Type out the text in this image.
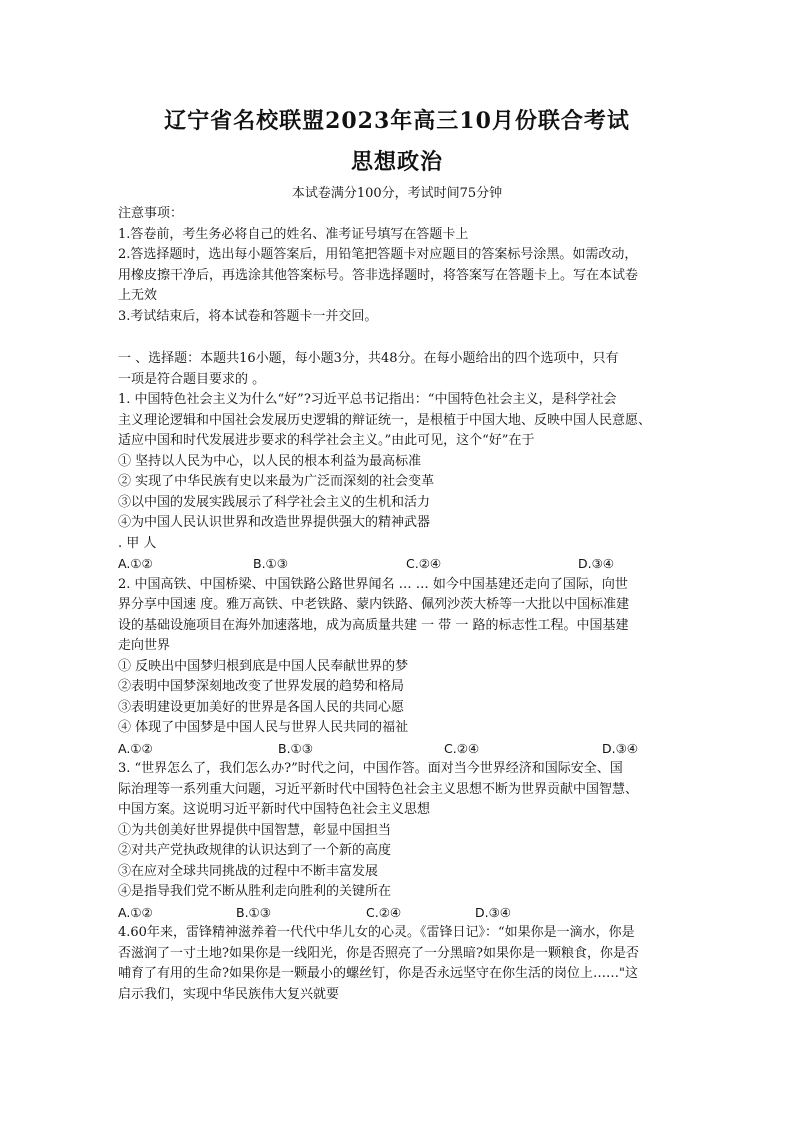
辽宁省名校联盟2023年高三10月份联合考试
思想政治
本试卷满分100分，考试时间75分钟

注意事项：

1.答卷前，考生务必将自己的姓名、准考证号填写在答题卡上

2.答选择题时，选出每小题答案后，用铅笔把答题卡对应题目的答案标号涂黑。如需改动，

用橡皮擦干净后，再选涂其他答案标号。答非选择题时，将答案写在答题卡上。写在本试卷

上无效

3.考试结束后，将本试卷和答题卡一并交回。

一 、选择题：本题共16小题，每小题3分，共48分。在每小题给出的四个选项中，只有

一项是符合题目要求的 。

1. 中国特色社会主义为什么“好”?习近平总书记指出：“中国特色社会主义，是科学社会

主义理论逻辑和中国社会发展历史逻辑的辩证统一，是根植于中国大地、反映中国人民意愿、

适应中国和时代发展进步要求的科学社会主义。”由此可见，这个“好”在于

① 坚持以人民为中心，以人民的根本利益为最高标准

② 实现了中华民族有史以来最为广泛而深刻的社会变革

③以中国的发展实践展示了科学社会主义的生机和活力

④为中国人民认识世界和改造世界提供强大的精神武器

. 甲 人

A.①②	B.①③	C.②④	D.③④

2. 中国高铁、中国桥梁、中国铁路公路世界闻名 … … 如今中国基建还走向了国际，向世

界分享中国速 度。雅万高铁、中老铁路、蒙内铁路、佩列沙茨大桥等一大批以中国标准建

设的基础设施项目在海外加速落地，成为高质量共建 一 带 一 路的标志性工程。中国基建

走向世界

① 反映出中国梦归根到底是中国人民奉献世界的梦

②表明中国梦深刻地改变了世界发展的趋势和格局

③表明建设更加美好的世界是各国人民的共同心愿

④ 体现了中国梦是中国人民与世界人民共同的福祉

A.①②	B.①③	C.②④	D.③④

3. “世界怎么了，我们怎么办?”时代之问，中国作答。面对当今世界经济和国际安全、国

际治理等一系列重大问题，习近平新时代中国特色社会主义思想不断为世界贡献中国智慧、

中国方案。这说明习近平新时代中国特色社会主义思想

①为共创美好世界提供中国智慧，彰显中国担当

②对共产党执政规律的认识达到了一个新的高度

③在应对全球共同挑战的过程中不断丰富发展

④是指导我们党不断从胜利走向胜利的关键所在

A.①②	B.①③	C.②④	D.③④

4.60年来，雷锋精神滋养着一代代中华儿女的心灵。《雷锋日记》：“如果你是一滴水，你是

否滋润了一寸土地?如果你是一线阳光，你是否照亮了一分黑暗?如果你是一颗粮食，你是否

哺育了有用的生命?如果你是一颗最小的螺丝钉，你是否永远坚守在你生活的岗位上……"这

启示我们，实现中华民族伟大复兴就要
